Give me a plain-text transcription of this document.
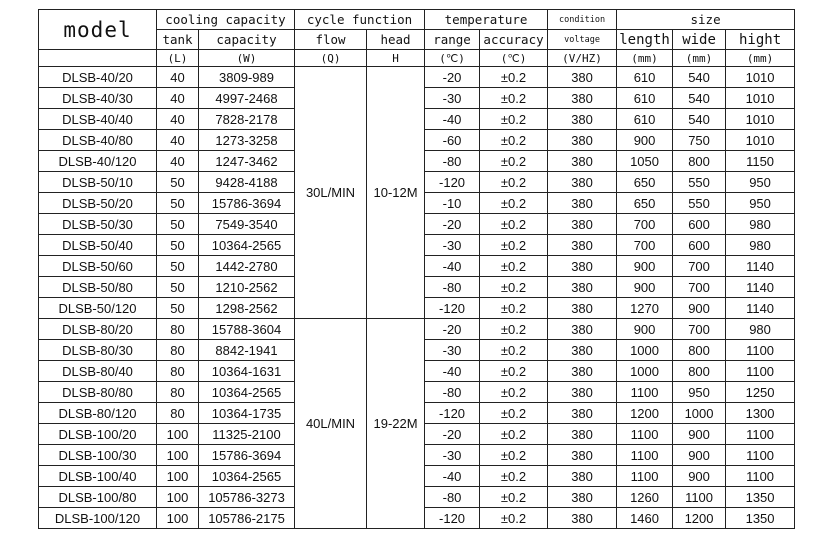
model	cooling capacity		cycle function		temperature		condition	size		
	tank	capacity	flow	head	range	accuracy	voltage	length	wide	hight
	(L)	(W)	(Q)	H	(℃)	(℃)	(V/HZ)	(mm)	(mm)	(mm)
DLSB-40/20	40	3809-989	30L/MIN	10-12M	-20	±0.2	380	610	540	1010
DLSB-40/30	40	4997-2468			-30	±0.2	380	610	540	1010
DLSB-40/40	40	7828-2178			-40	±0.2	380	610	540	1010
DLSB-40/80	40	1273-3258			-60	±0.2	380	900	750	1010
DLSB-40/120	40	1247-3462			-80	±0.2	380	1050	800	1150
DLSB-50/10	50	9428-4188			-120	±0.2	380	650	550	950
DLSB-50/20	50	15786-3694			-10	±0.2	380	650	550	950
DLSB-50/30	50	7549-3540			-20	±0.2	380	700	600	980
DLSB-50/40	50	10364-2565			-30	±0.2	380	700	600	980
DLSB-50/60	50	1442-2780			-40	±0.2	380	900	700	1140
DLSB-50/80	50	1210-2562			-80	±0.2	380	900	700	1140
DLSB-50/120	50	1298-2562			-120	±0.2	380	1270	900	1140
DLSB-80/20	80	15788-3604	40L/MIN	19-22M	-20	±0.2	380	900	700	980
DLSB-80/30	80	8842-1941			-30	±0.2	380	1000	800	1100
DLSB-80/40	80	10364-1631			-40	±0.2	380	1000	800	1100
DLSB-80/80	80	10364-2565			-80	±0.2	380	1100	950	1250
DLSB-80/120	80	10364-1735			-120	±0.2	380	1200	1000	1300
DLSB-100/20	100	11325-2100			-20	±0.2	380	1100	900	1100
DLSB-100/30	100	15786-3694			-30	±0.2	380	1100	900	1100
DLSB-100/40	100	10364-2565			-40	±0.2	380	1100	900	1100
DLSB-100/80	100	105786-3273			-80	±0.2	380	1260	1100	1350
DLSB-100/120	100	105786-2175			-120	±0.2	380	1460	1200	1350
